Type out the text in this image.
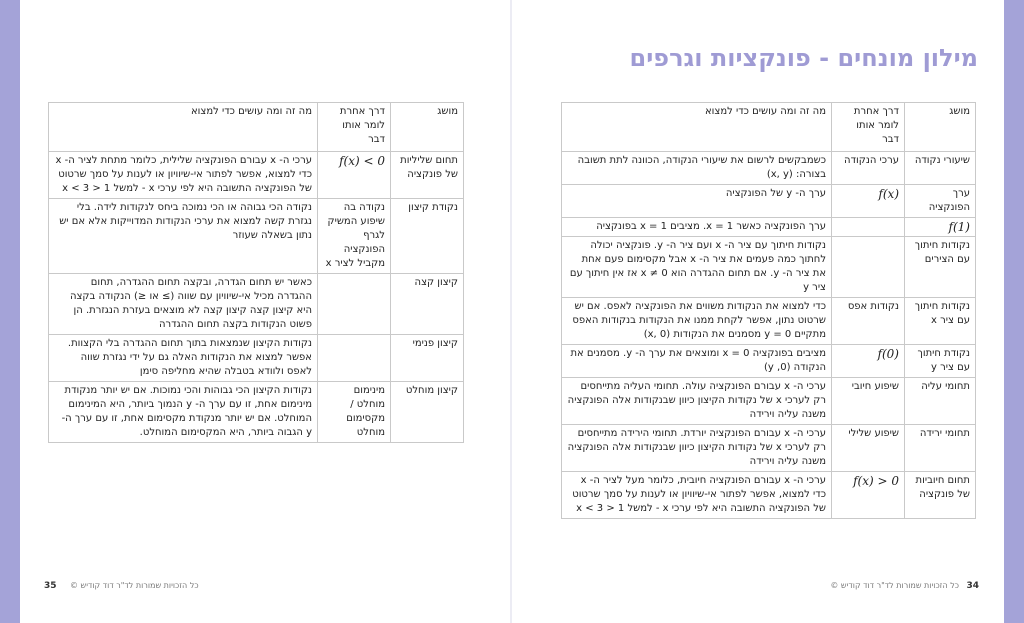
מילון מונחים - פונקציות וגרפים
מושג	דרך אחרת לומר אותו דבר	מה זה ומה עושים כדי למצוא
שיעורי נקודה	ערכי הנקודה	כשמבקשים לרשום את שיעורי הנקודה, הכוונה לתת תשובה בצורה: (x, y)
ערך הפונקציה	f(x)	ערך ה- y של הפונקציה
f(1)		ערך הפונקציה כאשר x = 1. מציבים x = 1 בפונקציה
נקודות חיתוך עם הצירים		נקודות חיתוך עם ציר ה- x ועם ציר ה- y. פונקציה יכולה לחתוך כמה פעמים את ציר ה- x אבל מקסימום פעם אחת את ציר ה- y. אם תחום ההגדרה הוא x ≠ 0 אז אין חיתוך עם ציר y
נקודות חיתוך עם ציר x	נקודות אפס	כדי למצוא את הנקודות משווים את הפונקציה לאפס. אם יש שרטוט נתון, אפשר לקחת ממנו את הנקודות בנקודות האפס מתקיים y = 0 מסמנים את הנקודות (x, 0)
נקודת חיתוך עם ציר y	f(0)	מציבים בפונקציה x = 0 ומוצאים את ערך ה- y. מסמנים את הנקודה (0, y)
תחומי עליה	שיפוע חיובי	ערכי ה- x עבורם הפונקציה עולה. תחומי העליה מתייחסים רק לערכי x של נקודות הקיצון כיוון שבנקודות אלה הפונקציה משנה עליה וירידה
תחומי ירידה	שיפוע שלילי	ערכי ה- x עבורם הפונקציה יורדת. תחומי הירידה מתייחסים רק לערכי x של נקודות הקיצון כיוון שבנקודות אלה הפונקציה משנה עליה וירידה
תחום חיוביות של פונקציה	f(x) > 0	ערכי ה- x עבורם הפונקציה חיובית, כלומר מעל לציר ה- x כדי למצוא, אפשר לפתור אי-שיוויון או לענות על סמך שרטוט של הפונקציה התשובה היא לפי ערכי x - למשל 1 < x < 3
מושג	דרך אחרת לומר אותו דבר	מה זה ומה עושים כדי למצוא
תחום שליליות של פונקציה	f(x) < 0	ערכי ה- x עבורם הפונקציה שלילית, כלומר מתחת לציר ה- x כדי למצוא, אפשר לפתור אי-שיוויון או לענות על סמך שרטוט של הפונקציה התשובה היא לפי ערכי x - למשל 1 < x < 3
נקודת קיצון	נקודה בה שיפוע המשיק לגרף הפונקציה מקביל לציר x	נקודה הכי גבוהה או הכי נמוכה ביחס לנקודות לידה. בלי נגזרת קשה למצוא את ערכי הנקודות המדוייקות אלא אם יש נתון בשאלה שעוזר
קיצון קצה		כאשר יש תחום הגדרה, ובקצה תחום ההגדרה, תחום ההגדרה מכיל אי-שיוויון עם שווה (≥ או ≤) הנקודה בקצה היא קיצון קצה קיצון קצה לא מוצאים בעזרת הנגזרת. הן פשוט הנקודות בקצה תחום ההגדרה
קיצון פנימי		נקודות הקיצון שנמצאות בתוך תחום ההגדרה בלי הקצוות. אפשר למצוא את הנקודות האלה גם על ידי נגזרת שווה לאפס ולוודא בטבלה שהיא מחליפה סימן
קיצון מוחלט	מינימום מוחלט / מקסימום מוחלט	נקודות הקיצון הכי גבוהות והכי נמוכות. אם יש יותר מנקודת מינימום אחת, זו עם ערך ה- y הנמוך ביותר, היא המינימום המוחלט. אם יש יותר מנקודת מקסימום אחת, זו עם ערך ה- y הגבוה ביותר, היא המקסימום המוחלט.
כל הזכויות שמורות לד"ר דוד קודיש © 34
כל הזכויות שמורות לד"ר דוד קודיש ©
35
